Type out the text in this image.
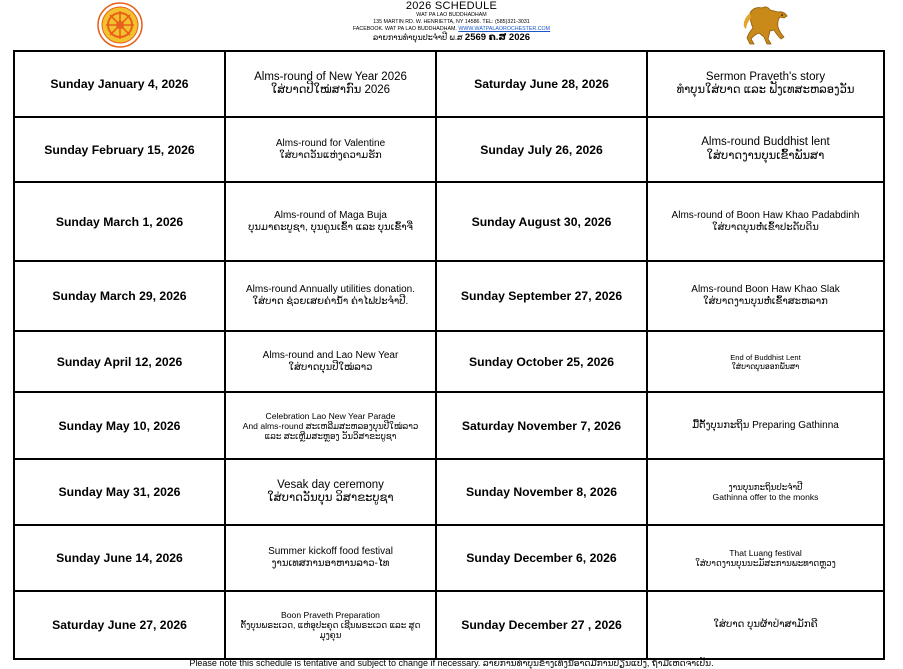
2026 SCHEDULE
WAT PA LAO BUDDHADHAM
135 MARTIN RD. W. HENRIETTA, NY 14586. TEL: (585)321-3031
FACEBOOK. WAT PA LAO BUDDHADHAM. WWW.WATPALAOROCHESTER.COM
ລາຍການທຳບຸນປະຈຳປີ ພ.ສ 2569 ຄ.ສ 2026
Sunday January 4, 2026	Alms-round of New Year 2026
ໃສ່ບາດປີໃໝ່ສາກົນ 2026	Saturday June 28, 2026	Sermon Praveth's story
ທຳບຸນໃສ່ບາດ ແລະ ຟັງເທສະຫລອງວັນ

Sunday February 15, 2026	Alms-round for Valentine
ໃສ່ບາດວັນແຫ່ງຄວາມຮັກ	Sunday July 26, 2026	Alms-round Buddhist lent
ໃສ່ບາດງານບຸນເຂົ້າພັນສາ

Sunday March 1, 2026	Alms-round of Maga Buja
ບຸນມາຄະບູຊາ, ບຸນຄູນເຂົ້າ ແລະ ບຸນເຂົ້າຈີ່	Sunday August 30, 2026	Alms-round of Boon Haw Khao Padabdinh
ໃສ່ບາດບຸນຫໍ່ເຂົ້າປະດັບດິນ

Sunday March 29, 2026	Alms-round Annually utilities donation.
ໃສ່ບາດ ຊ່ວຍເສຍຄ່ານໍ້າ ຄ່າໄຟປະຈຳປີ.	Sunday September 27, 2026	Alms-round Boon Haw Khao Slak
ໃສ່ບາດງານບຸນຫໍ່ເຂົ້າສະຫລາກ

Sunday April 12, 2026	Alms-round and Lao New Year
ໃສ່ບາດບຸນປີໃໝ່ລາວ	Sunday October 25, 2026	End of Buddhist Lent
ໃສ່ບາດບຸນອອກພັນສາ

Sunday May 10, 2026	Celebration Lao New Year Parade
And alms-round ສະເຫລີມສະຫລອງບຸນປີໃໝ່ລາວ
ແລະ ສະເຫຼີມສະຫຼອງ ວັນວິສາຂະບູຊາ	Saturday November 7, 2026	ມື້ຕັ້ງບຸນກະຖິນ Preparing Gathinna

Sunday May 31, 2026	Vesak day ceremony
ໃສ່ບາດວັນບຸນ ວິສາຂະບູຊາ	Sunday November 8, 2026	ງານບຸນກະຖິນປະຈຳປີ
Gathinna offer to the monks

Sunday June 14, 2026	Summer kickoff food festival
ງານເທສການອາຫານລາວ-ໄທ	Sunday December 6, 2026	That Luang festival
ໃສ່ບາດງານບຸນນະມັສະການພະທາດຫຼວງ

Saturday June 27, 2026	Boon Praveth Preparation
ຕັ້ງບຸນພຣະເວດ, ແຫ່ອຸປະຄຸດ ເຊີນພຣະເວດ ແລະ ສູດ
ມຸງຄຸນ	Sunday December 27 , 2026	ໃສ່ບາດ ບຸນຜ້າປ່າສາມັກຄີ
Please note this schedule is tentative and subject to change if necessary. ລາຍການທຳບຸນຂ້າງເທິງນີ້ອາດມີການປ່ຽນແປງ, ຖ້າມີເຫດຈຳເປັນ.
